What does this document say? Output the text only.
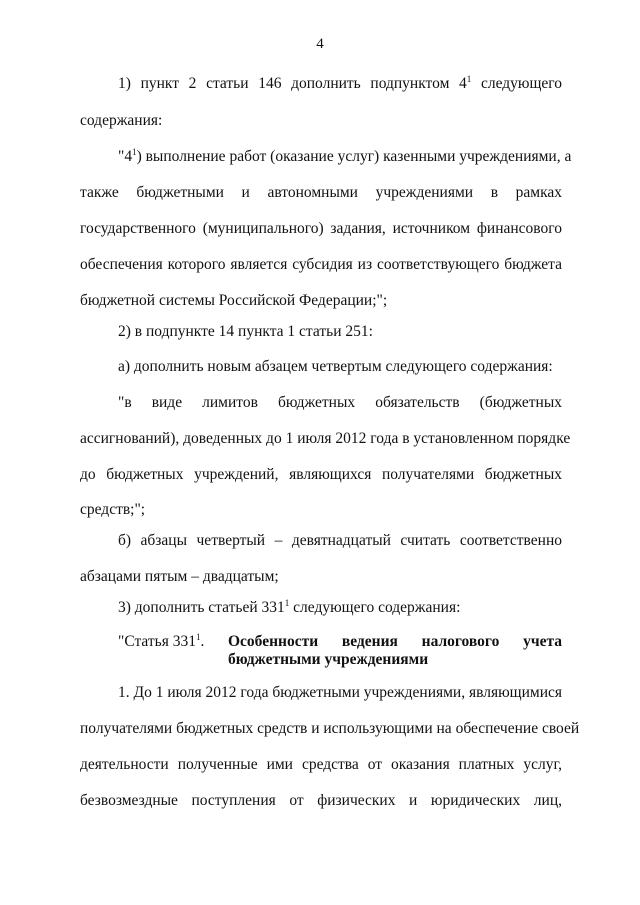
4
1) пункт 2 статьи 146 дополнить подпунктом $4^1$ следующего
содержания:
"$4^1$) выполнение работ (оказание услуг) казенными учреждениями, а
также бюджетными и автономными учреждениями в рамках
государственного (муниципального) задания, источником финансового
обеспечения которого является субсидия из соответствующего бюджета
бюджетной системы Российской Федерации;";
2) в подпункте 14 пункта 1 статьи 251:
а) дополнить новым абзацем четвертым следующего содержания:
"в виде лимитов бюджетных обязательств (бюджетных
ассигнований), доведенных до 1 июля 2012 года в установленном порядке
до бюджетных учреждений, являющихся получателями бюджетных
средств;";
б) абзацы четвертый – девятнадцатый считать соответственно
абзацами пятым – двадцатым;
3) дополнить статьей $331^1$ следующего содержания:
"Статья $331^1$. Особенности ведения налогового учета
бюджетными учреждениями
1. До 1 июля 2012 года бюджетными учреждениями, являющимися
получателями бюджетных средств и использующими на обеспечение своей
деятельности полученные ими средства от оказания платных услуг,
безвозмездные поступления от физических и юридических лиц,
